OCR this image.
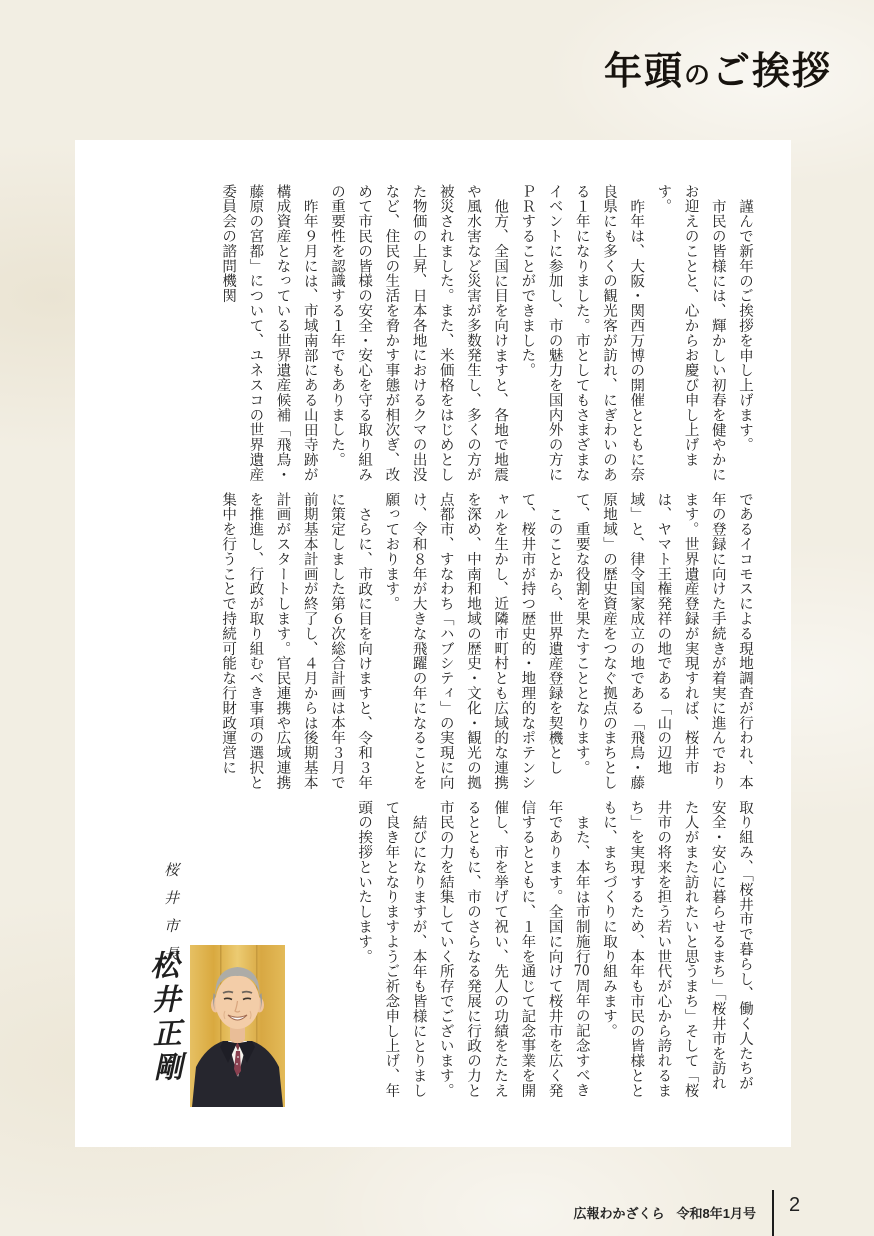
年頭のご挨拶

謹んで新年のご挨拶を申し上げます。

市民の皆様には、輝かしい初春を健やかにお迎えのことと、心からお慶び申し上げます。

昨年は、大阪・関西万博の開催とともに奈良県にも多くの観光客が訪れ、にぎわいのある１年になりました。市としてもさまざまなイベントに参加し、市の魅力を国内外の方にＰＲすることができました。

他方、全国に目を向けますと、各地で地震や風水害など災害が多数発生し、多くの方が被災されました。また、米価格をはじめとした物価の上昇、日本各地におけるクマの出没など、住民の生活を脅かす事態が相次ぎ、改めて市民の皆様の安全・安心を守る取り組みの重要性を認識する１年でもありました。

昨年９月には、市域南部にある山田寺跡が構成資産となっている世界遺産候補「飛鳥・藤原の宮都」について、ユネスコの世界遺産委員会の諮問機関

であるイコモスによる現地調査が行われ、本年の登録に向けた手続きが着実に進んでおります。世界遺産登録が実現すれば、桜井市は、ヤマト王権発祥の地である「山の辺地域」と、律令国家成立の地である「飛鳥・藤原地域」の歴史資産をつなぐ拠点のまちとして、重要な役割を果たすこととなります。

このことから、世界遺産登録を契機として、桜井市が持つ歴史的・地理的なポテンシャルを生かし、近隣市町村とも広域的な連携を深め、中南和地域の歴史・文化・観光の拠点都市、すなわち「ハブシティ」の実現に向け、令和８年が大きな飛躍の年になることを願っております。

さらに、市政に目を向けますと、令和３年に策定しました第６次総合計画は本年３月で前期基本計画が終了し、４月からは後期基本計画がスタートします。官民連携や広域連携を推進し、行政が取り組むべき事項の選択と集中を行うことで持続可能な行財政運営に

取り組み、「桜井市で暮らし、働く人たちが安全・安心に暮らせるまち」「桜井市を訪れた人がまた訪れたいと思うまち」そして「桜井市の将来を担う若い世代が心から誇れるまち」を実現するため、本年も市民の皆様とともに、まちづくりに取り組みます。

また、本年は市制施行70周年の記念すべき年であります。全国に向けて桜井市を広く発信するとともに、１年を通じて記念事業を開催し、市を挙げて祝い、先人の功績をたたえるとともに、市のさらなる発展に行政の力と市民の力を結集していく所存でございます。

結びになりますが、本年も皆様にとりまして良き年となりますようご祈念申し上げ、年頭の挨拶といたします。

桜井市長
松井正剛
広報わかざくら 令和8年1月号 2
